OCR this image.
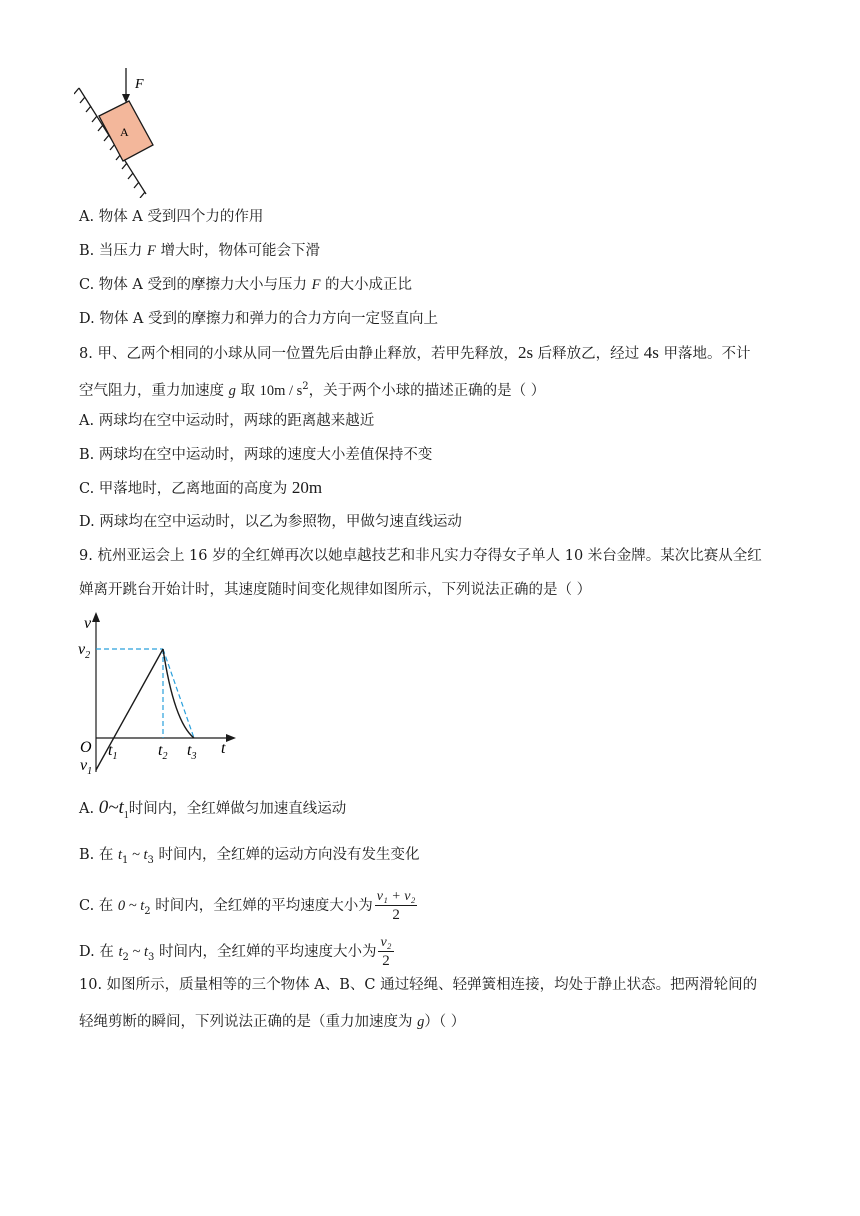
F
A
A. 物体 A 受到四个力的作用
B. 当压力 F 增大时，物体可能会下滑
C. 物体 A 受到的摩擦力大小与压力 F 的大小成正比
D. 物体 A 受到的摩擦力和弹力的合力方向一定竖直向上
8. 甲、乙两个相同的小球从同一位置先后由静止释放，若甲先释放，2s 后释放乙，经过 4s 甲落地。不计
空气阻力，重力加速度 g 取 $10m / s^2$，关于两个小球的描述正确的是（ ）
A. 两球均在空中运动时，两球的距离越来越近
B. 两球均在空中运动时，两球的速度大小差值保持不变
C. 甲落地时，乙离地面的高度为 20m
D. 两球均在空中运动时，以乙为参照物，甲做匀速直线运动
9. 杭州亚运会上 16 岁的全红婵再次以她卓越技艺和非凡实力夺得女子单人 10 米台金牌。某次比赛从全红
婵离开跳台开始计时，其速度随时间变化规律如图所示，下列说法正确的是（ ）
v
$v_2$
O
$v_1$
$t_1$	$t_2$ $t_3$ t
A. $0\sim t_1$时间内，全红婵做匀加速直线运动
B. 在 $t_1$ ~ $t_3$ 时间内，全红婵的运动方向没有发生变化
C. 在 0 ~ $t_2$ 时间内，全红婵的平均速度大小为 $\frac{\text{v₁ + v₂}}{2}$
D. 在 $t_2$ ~ $t_3$ 时间内，全红婵的平均速度大小为 $\frac{\text{v₂}}{2}$
10. 如图所示，质量相等的三个物体 A、B、C 通过轻绳、轻弹簧相连接，均处于静止状态。把两滑轮间的
轻绳剪断的瞬间，下列说法正确的是（重力加速度为 g）（ ）
